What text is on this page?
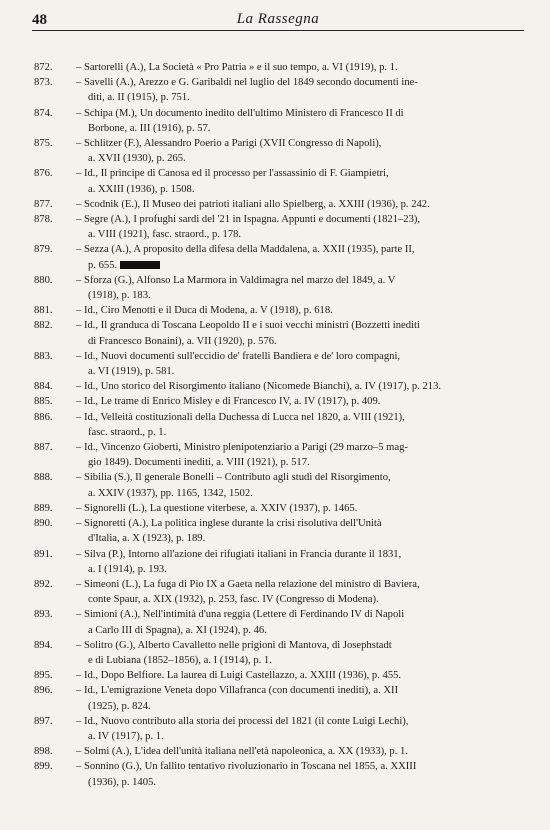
48	La Rassegna
872.	– Sartorelli (A.), La Società « Pro Patria » e il suo tempo, a. VI (1919), p. 1.
873.	– Savelli (A.), Arezzo e G. Garibaldi nel luglio del 1849 secondo documenti ine-
diti, a. II (1915), p. 751.
874.	– Schipa (M.), Un documento inedito dell'ultimo Ministero di Francesco II di
Borbone, a. III (1916), p. 57.
875.	– Schlitzer (F.), Alessandro Poerio a Parigi (XVII Congresso di Napoli),
a. XVII (1930), p. 265.
876.	– Id., Il principe di Canosa ed il processo per l'assassinio di F. Giampietri,
a. XXIII (1936), p. 1508.
877.	– Scodnik (E.), Il Museo dei patrioti italiani allo Spielberg, a. XXIII (1936), p. 242.
878.	– Segre (A.), I profughi sardi del '21 in Ispagna. Appunti e documenti (1821–23),
a. VIII (1921), fasc. straord., p. 178.
879.	– Sezza (A.), A proposito della difesa della Maddalena, a. XXII (1935), parte II,
p. 655.
880.	– Sforza (G.), Alfonso La Marmora in Valdimagra nel marzo del 1849, a. V
(1918), p. 183.
881.	– Id., Ciro Menotti e il Duca di Modena, a. V (1918), p. 618.
882.	– Id., Il granduca di Toscana Leopoldo II e i suoi vecchi ministri (Bozzetti inediti
di Francesco Bonaini), a. VII (1920), p. 576.
883.	– Id., Nuovi documenti sull'eccidio de' fratelli Bandiera e de' loro compagni,
a. VI (1919), p. 581.
884.	– Id., Uno storico del Risorgimento italiano (Nicomede Bianchi), a. IV (1917), p. 213.
885.	– Id., Le trame di Enrico Misley e di Francesco IV, a. IV (1917), p. 409.
886.	– Id., Velleità costituzionali della Duchessa di Lucca nel 1820, a. VIII (1921),
fasc. straord., p. 1.
887.	– Id., Vincenzo Gioberti, Ministro plenipotenziario a Parigi (29 marzo–5 mag-
gio 1849). Documenti inediti, a. VIII (1921), p. 517.
888.	– Sibilia (S.), Il generale Bonelli – Contributo agli studi del Risorgimento,
a. XXIV (1937), pp. 1165, 1342, 1502.
889.	– Signorelli (L.), La questione viterbese, a. XXIV (1937), p. 1465.
890.	– Signoretti (A.), La politica inglese durante la crisi risolutiva dell'Unità
d'Italia, a. X (1923), p. 189.
891.	– Silva (P.), Intorno all'azione dei rifugiati italiani in Francia durante il 1831,
a. I (1914), p. 193.
892.	– Simeoni (L.), La fuga di Pio IX a Gaeta nella relazione del ministro di Baviera,
conte Spaur, a. XIX (1932), p. 253, fasc. IV (Congresso di Modena).
893.	– Simioni (A.), Nell'intimità d'una reggia (Lettere di Ferdinando IV di Napoli
a Carlo III di Spagna), a. XI (1924), p. 46.
894.	– Solitro (G.), Alberto Cavalletto nelle prigioni di Mantova, di Josephstadt
e di Lubiana (1852–1856), a. I (1914), p. 1.
895.	– Id., Dopo Belfiore. La laurea di Luigi Castellazzo, a. XXIII (1936), p. 455.
896.	– Id., L'emigrazione Veneta dopo Villafranca (con documenti inediti), a. XII
(1925), p. 824.
897.	– Id., Nuovo contributo alla storia dei processi del 1821 (il conte Luigi Lechi),
a. IV (1917), p. 1.
898.	– Solmi (A.), L'idea dell'unità italiana nell'età napoleonica, a. XX (1933), p. 1.
899.	– Sonnino (G.), Un fallito tentativo rivoluzionario in Toscana nel 1855, a. XXIII
(1936), p. 1405.
